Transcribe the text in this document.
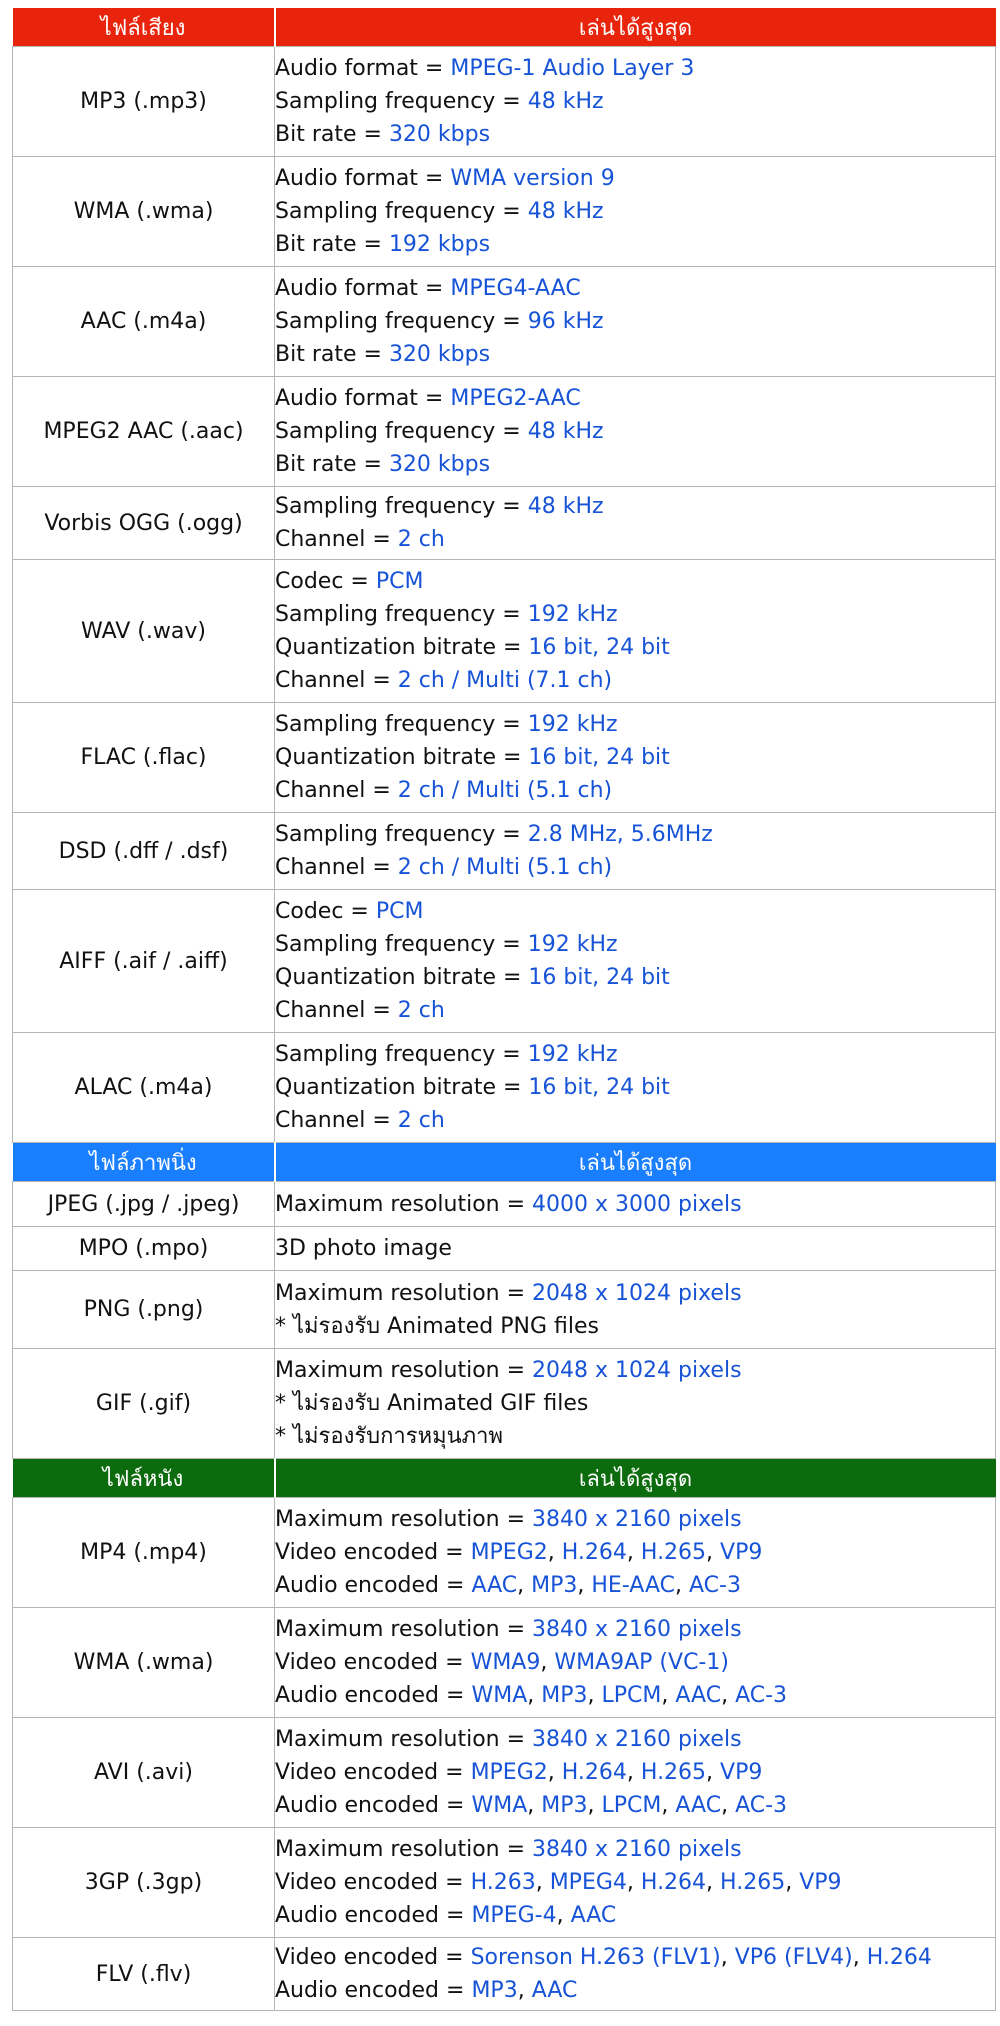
ไฟล์เสียง	เล่นได้สูงสุด
MP3 (.mp3)	Audio format = MPEG-1 Audio Layer 3
Sampling frequency = 48 kHz
Bit rate = 320 kbps

WMA (.wma)	Audio format = WMA version 9
Sampling frequency = 48 kHz
Bit rate = 192 kbps

AAC (.m4a)	Audio format = MPEG4-AAC
Sampling frequency = 96 kHz
Bit rate = 320 kbps

MPEG2 AAC (.aac)	Audio format = MPEG2-AAC
Sampling frequency = 48 kHz
Bit rate = 320 kbps

Vorbis OGG (.ogg)	Sampling frequency = 48 kHz
Channel = 2 ch

WAV (.wav)	Codec = PCM
Sampling frequency = 192 kHz
Quantization bitrate = 16 bit, 24 bit
Channel = 2 ch / Multi (7.1 ch)

FLAC (.flac)	Sampling frequency = 192 kHz
Quantization bitrate = 16 bit, 24 bit
Channel = 2 ch / Multi (5.1 ch)

DSD (.dff / .dsf)	Sampling frequency = 2.8 MHz, 5.6MHz
Channel = 2 ch / Multi (5.1 ch)

AIFF (.aif / .aiff)	Codec = PCM
Sampling frequency = 192 kHz
Quantization bitrate = 16 bit, 24 bit
Channel = 2 ch

ALAC (.m4a)	Sampling frequency = 192 kHz
Quantization bitrate = 16 bit, 24 bit
Channel = 2 ch

ไฟล์ภาพนิ่ง	เล่นได้สูงสุด
JPEG (.jpg / .jpeg)	Maximum resolution = 4000 x 3000 pixels

MPO (.mpo)	3D photo image

PNG (.png)	Maximum resolution = 2048 x 1024 pixels
* ไม่รองรับ Animated PNG files

GIF (.gif)	Maximum resolution = 2048 x 1024 pixels
* ไม่รองรับ Animated GIF files
* ไม่รองรับการหมุนภาพ

ไฟล์หนัง	เล่นได้สูงสุด
MP4 (.mp4)	Maximum resolution = 3840 x 2160 pixels
Video encoded = MPEG2, H.264, H.265, VP9
Audio encoded = AAC, MP3, HE-AAC, AC-3

WMA (.wma)	Maximum resolution = 3840 x 2160 pixels
Video encoded = WMA9, WMA9AP (VC-1)
Audio encoded = WMA, MP3, LPCM, AAC, AC-3

AVI (.avi)	Maximum resolution = 3840 x 2160 pixels
Video encoded = MPEG2, H.264, H.265, VP9
Audio encoded = WMA, MP3, LPCM, AAC, AC-3

3GP (.3gp)	Maximum resolution = 3840 x 2160 pixels
Video encoded = H.263, MPEG4, H.264, H.265, VP9
Audio encoded = MPEG-4, AAC

FLV (.flv)	Video encoded = Sorenson H.263 (FLV1), VP6 (FLV4), H.264
Audio encoded = MP3, AAC
